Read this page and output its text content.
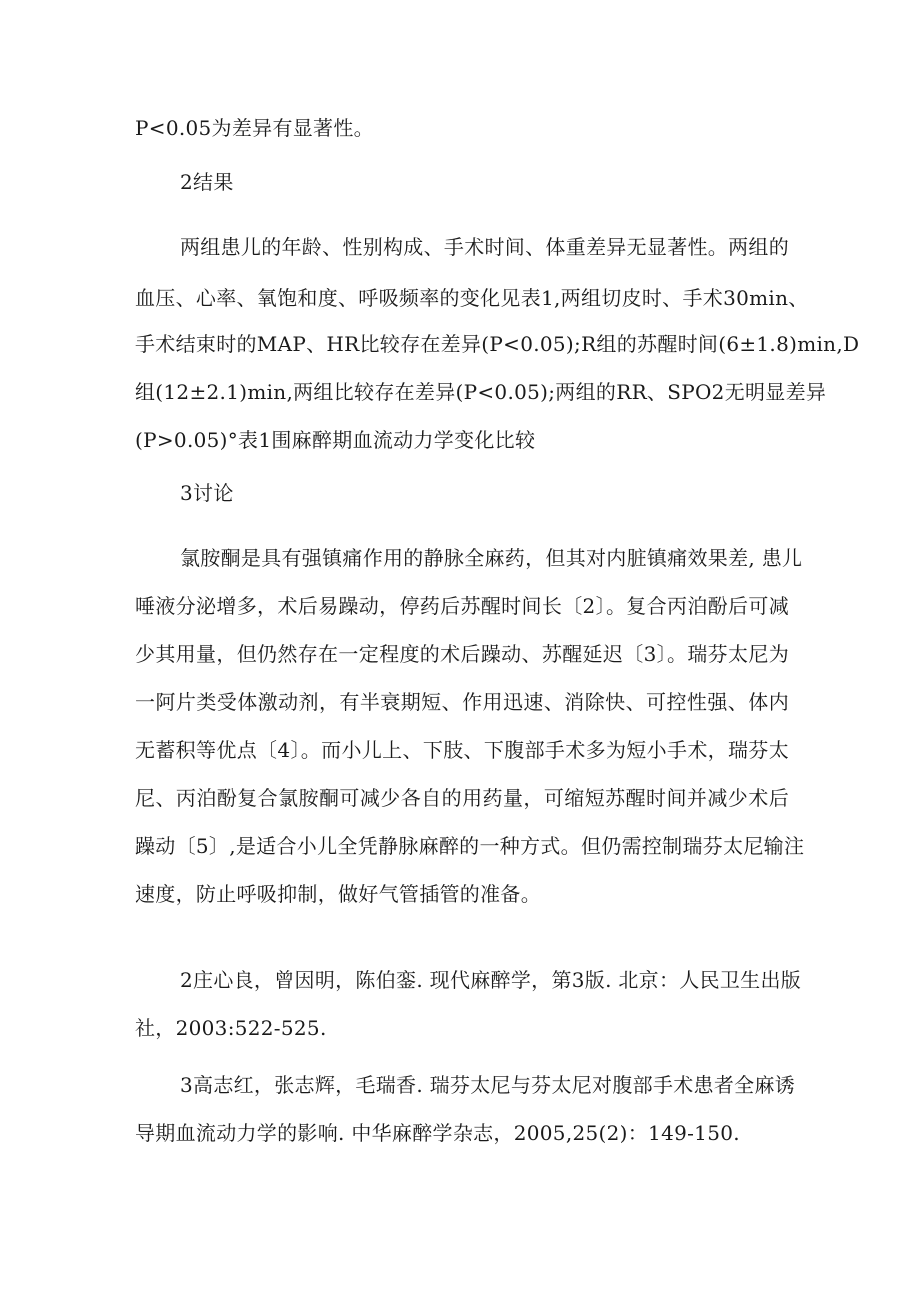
P<0.05为差异有显著性。
2结果
两组患儿的年龄、性别构成、手术时间、体重差异无显著性。两组的
血压、心率、氧饱和度、呼吸频率的变化见表1,两组切皮时、手术30min、
手术结束时的MAP、HR比较存在差异(P<0.05);R组的苏醒时间(6±1.8)min,D
组(12±2.1)min,两组比较存在差异(P<0.05);两组的RR、SPO2无明显差异
(P>0.05)°表1围麻醉期血流动力学变化比较
3讨论
氯胺酮是具有强镇痛作用的静脉全麻药，但其对内脏镇痛效果差, 患儿
唾液分泌增多，术后易躁动，停药后苏醒时间长〔2〕。复合丙泊酚后可减
少其用量，但仍然存在一定程度的术后躁动、苏醒延迟〔3〕。瑞芬太尼为
一阿片类受体激动剂，有半衰期短、作用迅速、消除快、可控性强、体内
无蓄积等优点〔4〕。而小儿上、下肢、下腹部手术多为短小手术，瑞芬太
尼、丙泊酚复合氯胺酮可减少各自的用药量，可缩短苏醒时间并减少术后
躁动〔5〕,是适合小儿全凭静脉麻醉的一种方式。但仍需控制瑞芬太尼输注
速度，防止呼吸抑制，做好气管插管的准备。
2庄心良，曾因明，陈伯銮. 现代麻醉学，第3版. 北京：人民卫生出版
社，2003:522-525.
3高志红，张志辉，毛瑞香. 瑞芬太尼与芬太尼对腹部手术患者全麻诱
导期血流动力学的影响. 中华麻醉学杂志，2005,25(2)：149-150.
